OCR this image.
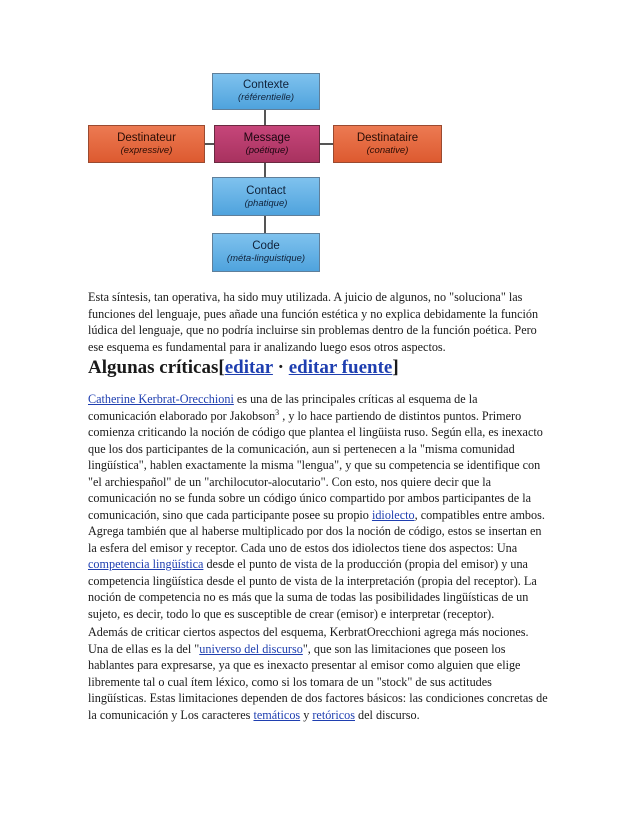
Contexte
(référentielle)
Destinateur
(expressive)
Message
(poétique)
Destinataire
(conative)
Contact
(phatique)
Code
(méta-linguistique)

Esta síntesis, tan operativa, ha sido muy utilizada. A juicio de algunos, no "soluciona" las funciones del lenguaje, pues añade una función estética y no explica debidamente la función lúdica del lenguaje, que no podría incluirse sin problemas dentro de la función poética. Pero ese esquema es fundamental para ir analizando luego esos otros aspectos.

Algunas críticas[editar · editar fuente]

Catherine Kerbrat-Orecchioni es una de las principales críticas al esquema de la comunicación elaborado por Jakobson$^3$ , y lo hace partiendo de distintos puntos. Primero comienza criticando la noción de código que plantea el lingüista ruso. Según ella, es inexacto que los dos participantes de la comunicación, aun si pertenecen a la "misma comunidad lingüística", hablen exactamente la misma "lengua", y que su competencia se identifique con "el archiespañol" de un "archilocutor-alocutario". Con esto, nos quiere decir que la comunicación no se funda sobre un código único compartido por ambos participantes de la comunicación, sino que cada participante posee su propio idiolecto, compatibles entre ambos. Agrega también que al haberse multiplicado por dos la noción de código, estos se insertan en la esfera del emisor y receptor. Cada uno de estos dos idiolectos tiene dos aspectos: Una competencia lingüística desde el punto de vista de la producción (propia del emisor) y una competencia lingüística desde el punto de vista de la interpretación (propia del receptor). La noción de competencia no es más que la suma de todas las posibilidades lingüísticas de un sujeto, es decir, todo lo que es susceptible de crear (emisor) e interpretar (receptor).

Además de criticar ciertos aspectos del esquema, KerbratOrecchioni agrega más nociones. Una de ellas es la del "universo del discurso", que son las limitaciones que poseen los hablantes para expresarse, ya que es inexacto presentar al emisor como alguien que elige libremente tal o cual ítem léxico, como si los tomara de un "stock" de sus actitudes lingüísticas. Estas limitaciones dependen de dos factores básicos: las condiciones concretas de la comunicación y Los caracteres temáticos y retóricos del discurso.
